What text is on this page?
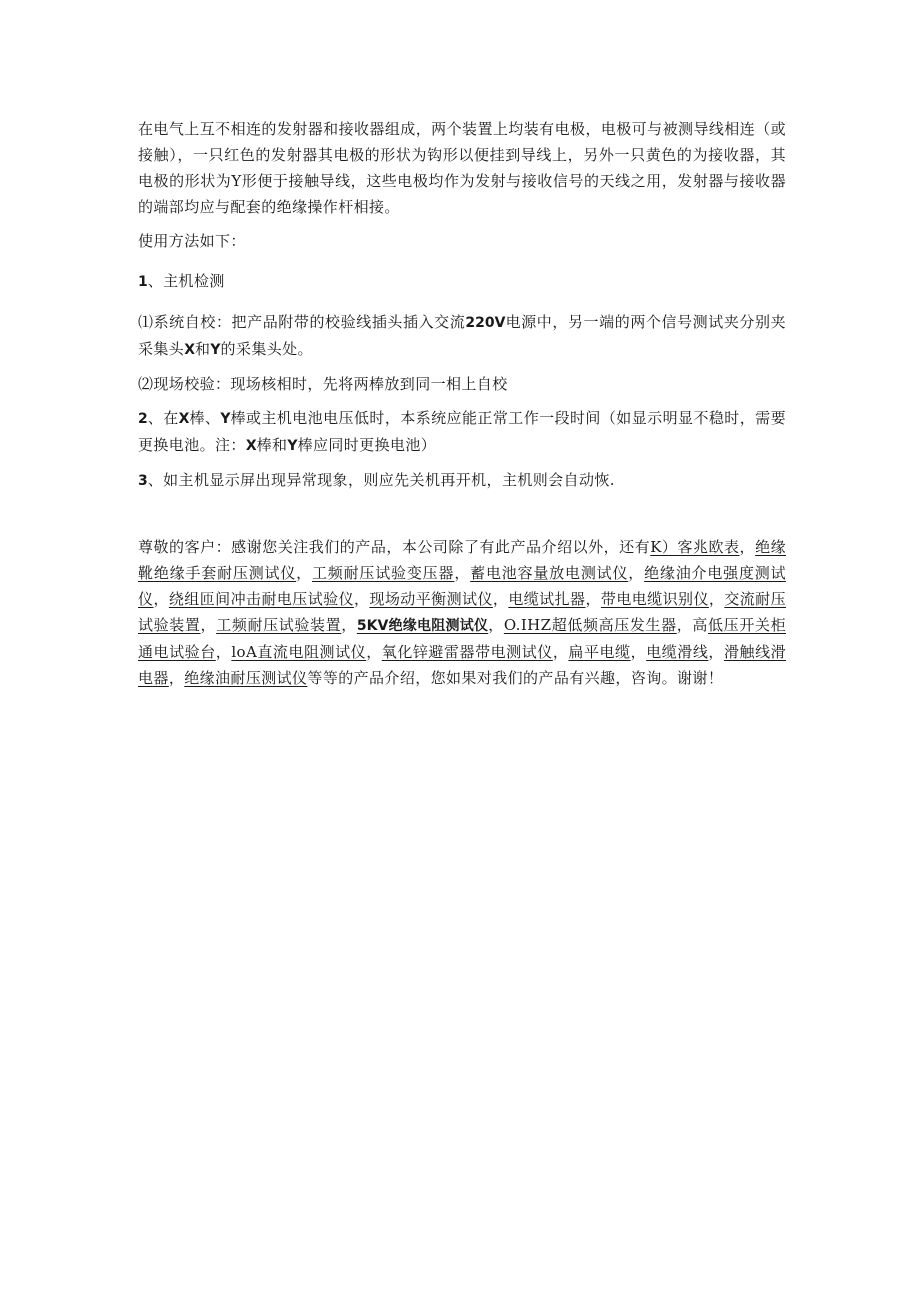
在电气上互不相连的发射器和接收器组成，两个装置上均装有电极，电极可与被测导线相连（或接触），一只红色的发射器其电极的形状为钩形以便挂到导线上，另外一只黄色的为接收器，其电极的形状为Y形便于接触导线，这些电极均作为发射与接收信号的天线之用，发射器与接收器的端部均应与配套的绝缘操作杆相接。

使用方法如下：

1、主机检测

⑴系统自校：把产品附带的校验线插头插入交流220V电源中，另一端的两个信号测试夹分别夹采集头X和Y的采集头处。

⑵现场校验：现场核相时，先将两棒放到同一相上自校

2、在X棒、Y棒或主机电池电压低时，本系统应能正常工作一段时间（如显示明显不稳时，需要更换电池。注：X棒和Y棒应同时更换电池）

3、如主机显示屏出现异常现象，则应先关机再开机，主机则会自动恢.

尊敬的客户：感谢您关注我们的产品，本公司除了有此产品介绍以外，还有K）客兆欧表，绝缘靴绝缘手套耐压测试仪，工频耐压试验变压器，蓄电池容量放电测试仪，绝缘油介电强度测试仪，绕组匝间冲击耐电压试验仪，现场动平衡测试仪，电缆试扎器，带电电缆识别仪，交流耐压试验装置，工频耐压试验装置，5KV绝缘电阻测试仪，O.IHZ超低频高压发生器，高低压开关柜通电试验台，loA直流电阻测试仪，氧化锌避雷器带电测试仪，扁平电缆，电缆滑线，滑触线滑电器，绝缘油耐压测试仪等等的产品介绍，您如果对我们的产品有兴趣，咨询。谢谢！
